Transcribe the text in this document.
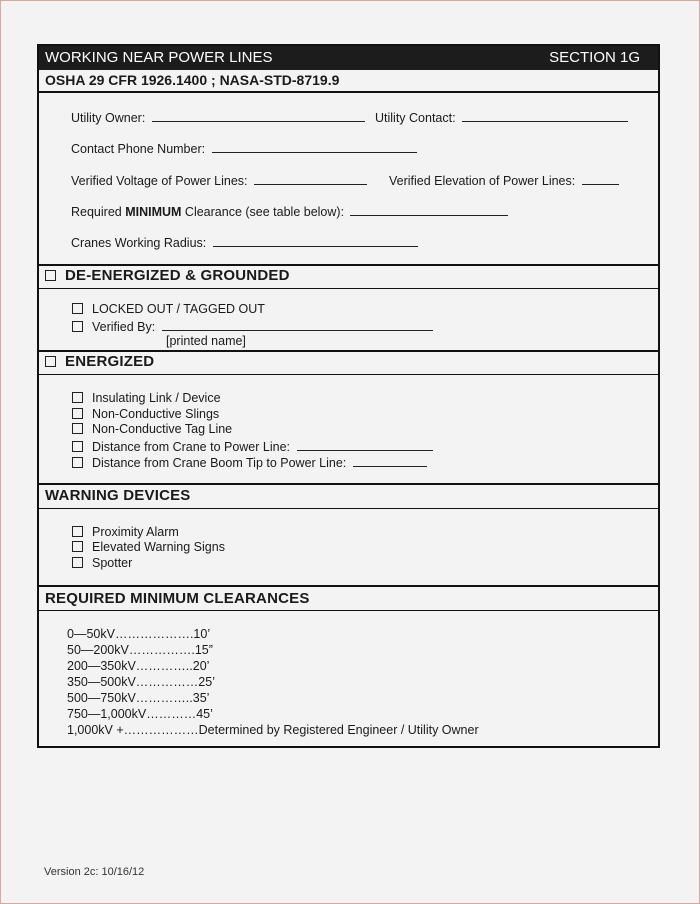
WORKING NEAR POWER LINES	SECTION 1G
OSHA 29 CFR 1926.1400 ; NASA-STD-8719.9
Utility Owner:	Utility Contact:
Contact Phone Number:
Verified Voltage of Power Lines:	Verified Elevation of Power Lines:
Required MINIMUM Clearance (see table below):
Cranes Working Radius:
DE-ENERGIZED & GROUNDED
LOCKED OUT / TAGGED OUT
Verified By:
[printed name]
ENERGIZED
Insulating Link / Device
Non-Conductive Slings
Non-Conductive Tag Line
Distance from Crane to Power Line:
Distance from Crane Boom Tip to Power Line:
WARNING DEVICES
Proximity Alarm
Elevated Warning Signs
Spotter
REQUIRED MINIMUM CLEARANCES
0—50kV……………….10’
50—200kV…………….15”
200—350kV…………..20’
350—500kV……………25’
500—750kV…………..35’
750—1,000kV…………45’
1,000kV +………………Determined by Registered Engineer / Utility Owner
Version 2c: 10/16/12
